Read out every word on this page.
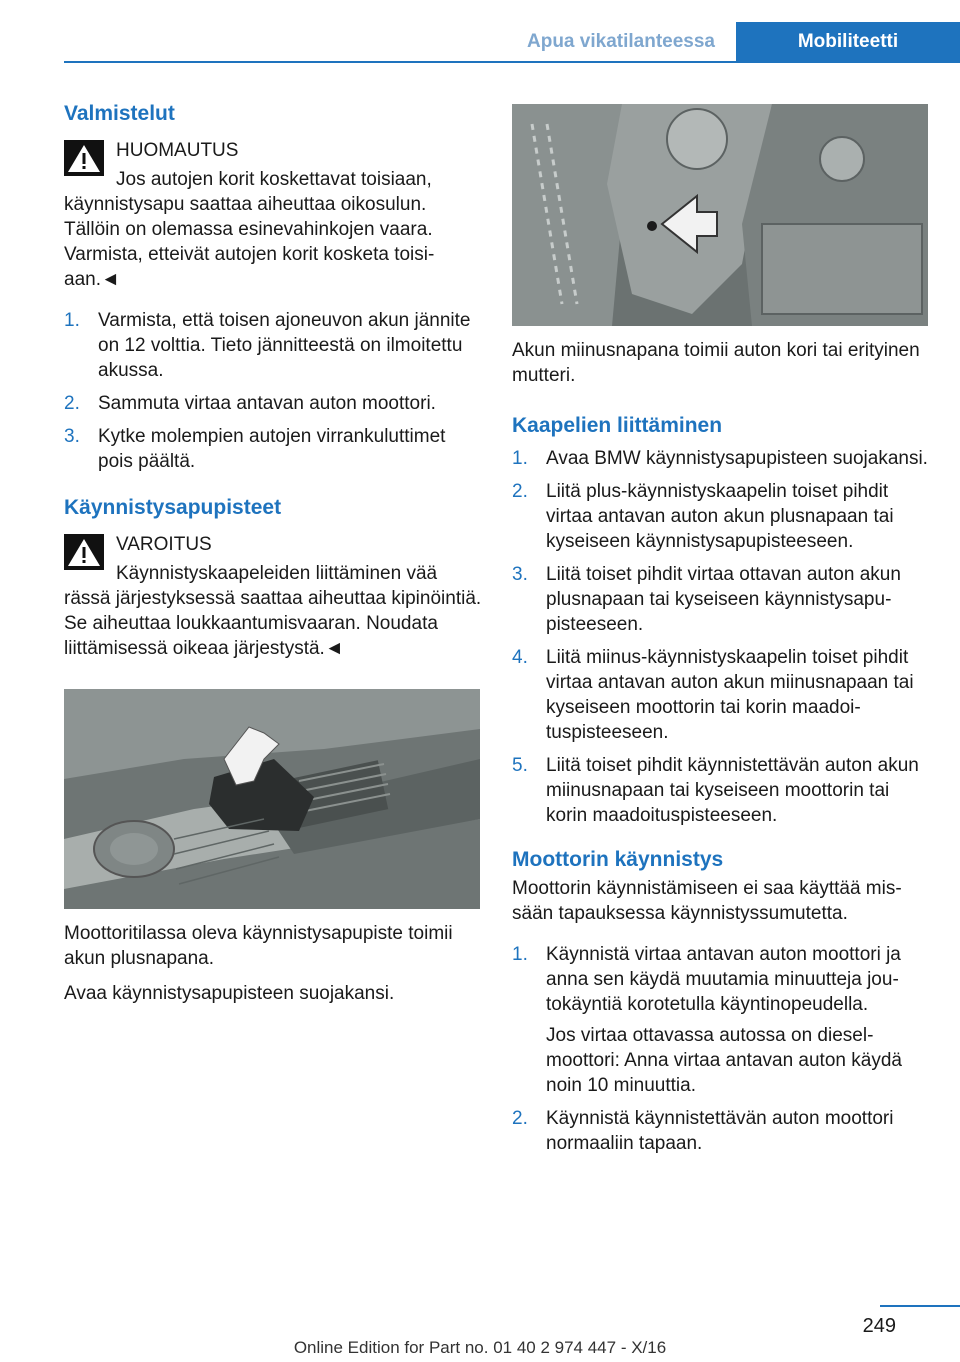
Apua vikatilanteessa	Mobiliteetti
Valmistelut

HUOMAUTUS

Jos autojen korit koskettavat toisiaan,

käynnistysapu saattaa aiheuttaa oikosulun. Tällöin on olemassa esinevahinkojen vaara. Varmista, etteivät autojen korit kosketa toisiaan.◄

1. Varmista, että toisen ajoneuvon akun jännite on 12 volttia. Tieto jännitteestä on ilmoitettu akussa.
2. Sammuta virtaa antavan auton moottori.
3. Kytke molempien autojen virrankuluttimet pois päältä.
Käynnistysapupisteet

VAROITUS

Käynnistyskaapeleiden liittäminen vää

rässä järjestyksessä saattaa aiheuttaa kipinöintiä. Se aiheuttaa loukkaantumisvaaran. Noudata liittämisessä oikeaa järjestystä.◄

Moottoritilassa oleva käynnistysapupiste toimii akun plusnapana.

Avaa käynnistysapupisteen suojakansi.

Akun miinusnapana toimii auton kori tai erityinen mutteri.

Kaapelien liittäminen
1. Avaa BMW käynnistysapupisteen suojakansi.
2. Liitä plus-käynnistyskaapelin toiset pihdit virtaa antavan auton akun plusnapaan tai kyseiseen käynnistysapupisteeseen.
3. Liitä toiset pihdit virtaa ottavan auton akun plusnapaan tai kyseiseen käynnistysapupisteeseen.
4. Liitä miinus-käynnistyskaapelin toiset pihdit virtaa antavan auton akun miinusnapaan tai kyseiseen moottorin tai korin maadoituspisteeseen.
5. Liitä toiset pihdit käynnistettävän auton akun miinusnapaan tai kyseiseen moottorin tai korin maadoituspisteeseen.
Moottorin käynnistys

Moottorin käynnistämiseen ei saa käyttää missään tapauksessa käynnistyssumutetta.

1. Käynnistä virtaa antavan auton moottori ja anna sen käydä muutamia minuutteja joutokäyntiä korotetulla käyntinopeudella.
Jos virtaa ottavassa autossa on dieselmoottori: Anna virtaa antavan auton käydä noin 10 minuuttia.
2. Käynnistä käynnistettävän auton moottori normaaliin tapaan.
249
Online Edition for Part no. 01 40 2 974 447 - X/16
